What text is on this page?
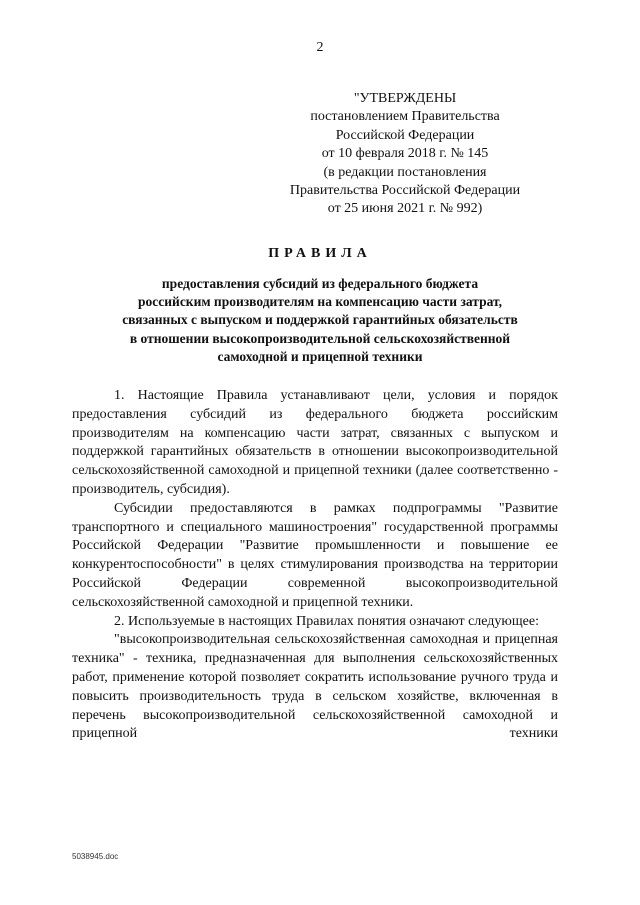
2
"УТВЕРЖДЕНЫ
постановлением Правительства
Российской Федерации
от 10 февраля 2018 г. № 145
(в редакции постановления
Правительства Российской Федерации
от 25 июня 2021 г. № 992)
ПРАВИЛА
предоставления субсидий из федерального бюджета
российским производителям на компенсацию части затрат,
связанных с выпуском и поддержкой гарантийных обязательств
в отношении высокопроизводительной сельскохозяйственной
самоходной и прицепной техники

1. Настоящие Правила устанавливают цели, условия и порядок предоставления субсидий из федерального бюджета российским производителям на компенсацию части затрат, связанных с выпуском и поддержкой гарантийных обязательств в отношении высокопроизводительной сельскохозяйственной самоходной и прицепной техники (далее соответственно - производитель, субсидия).

Субсидии предоставляются в рамках подпрограммы "Развитие транспортного и специального машиностроения" государственной программы Российской Федерации "Развитие промышленности и повышение ее конкурентоспособности" в целях стимулирования производства на территории Российской Федерации современной высокопроизводительной сельскохозяйственной самоходной и прицепной техники.

2. Используемые в настоящих Правилах понятия означают следующее:

"высокопроизводительная сельскохозяйственная самоходная и прицепная техника" - техника, предназначенная для выполнения сельскохозяйственных работ, применение которой позволяет сократить использование ручного труда и повысить производительность труда в сельском хозяйстве, включенная в перечень высокопроизводительной сельскохозяйственной самоходной и прицепной техники

5038945.doc
